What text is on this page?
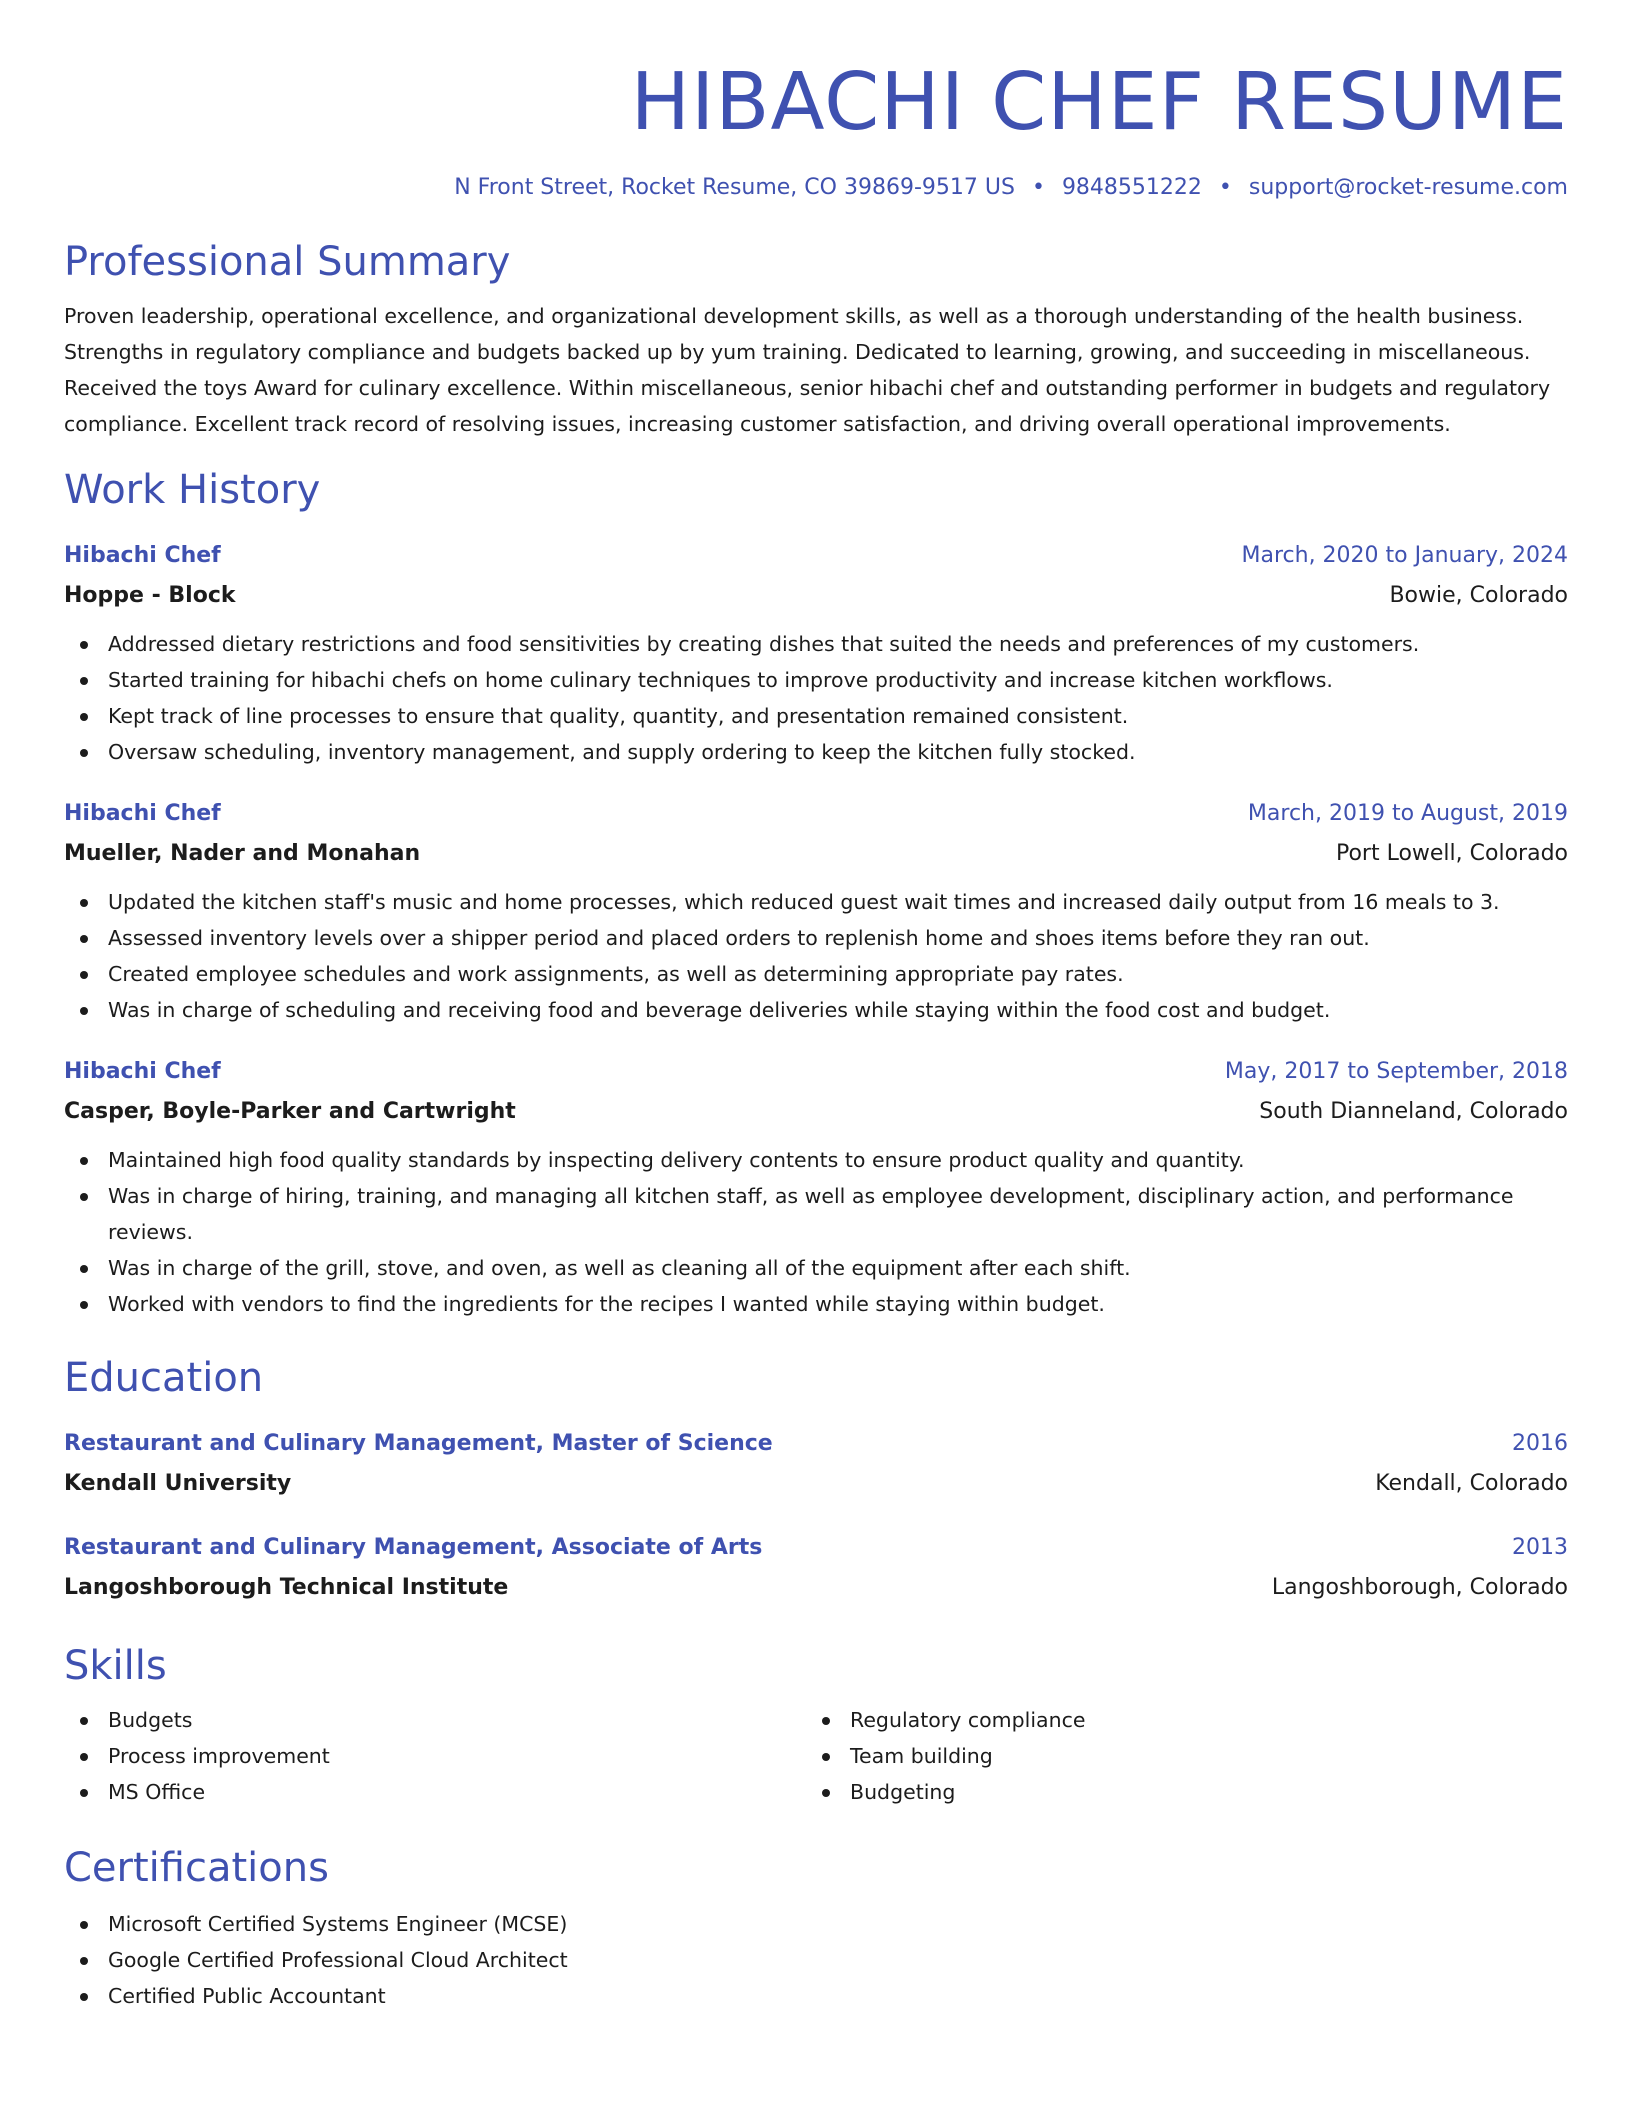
HIBACHI CHEF RESUME
N Front Street, Rocket Resume, CO 39869-9517 US • 9848551222 • support@rocket-resume.com
Professional Summary

Proven leadership, operational excellence, and organizational development skills, as well as a thorough understanding of the health business. Strengths in regulatory compliance and budgets backed up by yum training. Dedicated to learning, growing, and succeeding in miscellaneous. Received the toys Award for culinary excellence. Within miscellaneous, senior hibachi chef and outstanding performer in budgets and regulatory compliance. Excellent track record of resolving issues, increasing customer satisfaction, and driving overall operational improvements.

Work History
Hibachi Chef	March, 2020 to January, 2024
Hoppe - Block	Bowie, Colorado
Addressed dietary restrictions and food sensitivities by creating dishes that suited the needs and preferences of my customers.
Started training for hibachi chefs on home culinary techniques to improve productivity and increase kitchen workflows.
Kept track of line processes to ensure that quality, quantity, and presentation remained consistent.
Oversaw scheduling, inventory management, and supply ordering to keep the kitchen fully stocked.
Hibachi Chef	March, 2019 to August, 2019
Mueller, Nader and Monahan	Port Lowell, Colorado
Updated the kitchen staff's music and home processes, which reduced guest wait times and increased daily output from 16 meals to 3.
Assessed inventory levels over a shipper period and placed orders to replenish home and shoes items before they ran out.
Created employee schedules and work assignments, as well as determining appropriate pay rates.
Was in charge of scheduling and receiving food and beverage deliveries while staying within the food cost and budget.
Hibachi Chef	May, 2017 to September, 2018
Casper, Boyle-Parker and Cartwright	South Dianneland, Colorado
Maintained high food quality standards by inspecting delivery contents to ensure product quality and quantity.
Was in charge of hiring, training, and managing all kitchen staff, as well as employee development, disciplinary action, and performance reviews.
Was in charge of the grill, stove, and oven, as well as cleaning all of the equipment after each shift.
Worked with vendors to find the ingredients for the recipes I wanted while staying within budget.
Education
Restaurant and Culinary Management, Master of Science	2016
Kendall University	Kendall, Colorado
Restaurant and Culinary Management, Associate of Arts	2013
Langoshborough Technical Institute	Langoshborough, Colorado
Skills
Budgets
Process improvement
MS Office
Regulatory compliance
Team building
Budgeting
Certifications
Microsoft Certified Systems Engineer (MCSE)
Google Certified Professional Cloud Architect
Certified Public Accountant
